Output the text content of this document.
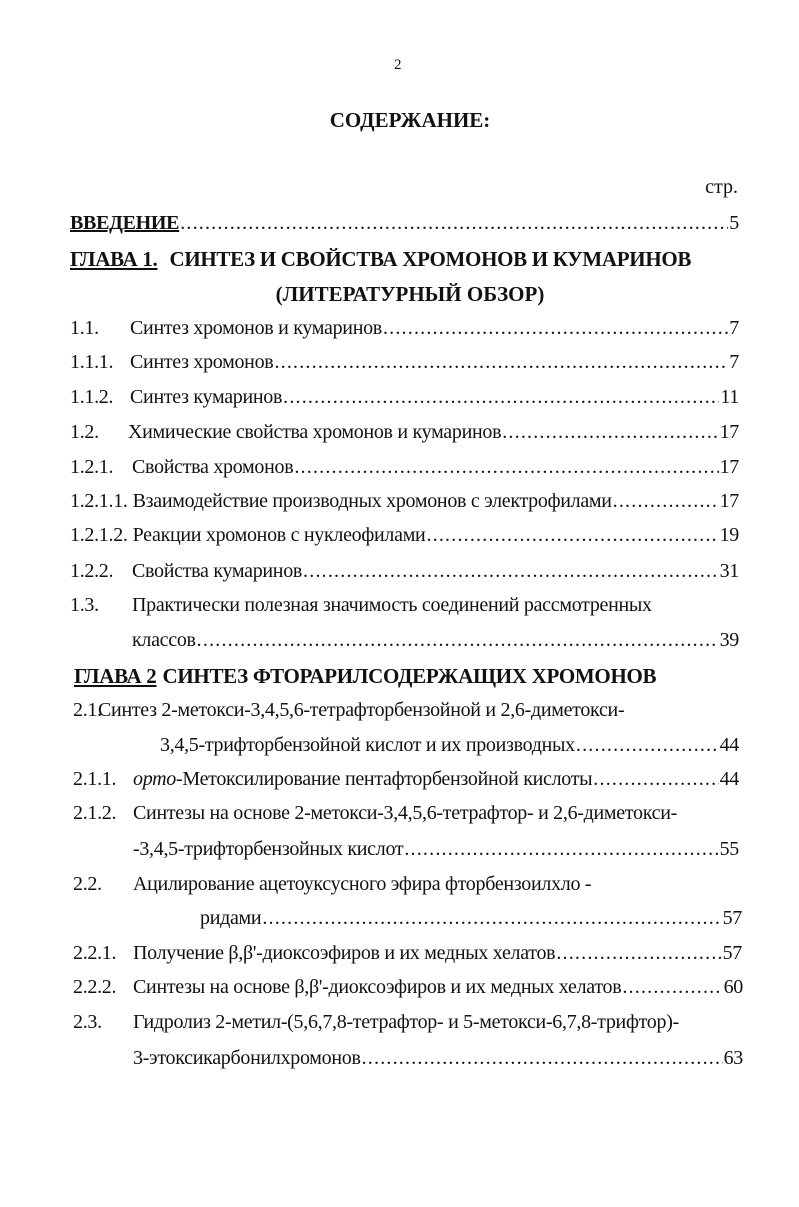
2
СОДЕРЖАНИЕ:
стр.
ВВЕДЕНИЕ .....	5
ГЛАВА 1. СИНТЕЗ И СВОЙСТВА ХРОМОНОВ И КУМАРИНОВ
(ЛИТЕРАТУРНЫЙ ОБЗОР)
1.1.	Синтез хромонов и кумаринов .....	7
1.1.1. Синтез хромонов .....	7
1.1.2. Синтез кумаринов .....	11
1.2.	Химические свойства хромонов и кумаринов .....	17
1.2.1. Свойства хромонов .....	17
1.2.1.1. Взаимодействие производных хромонов с электрофилами .....	17
1.2.1.2. Реакции хромонов с нуклеофилами .....	19
1.2.2. Свойства кумаринов .....	31
1.3.	Практически полезная значимость соединений рассмотренных
классов .....	39
ГЛАВА 2 СИНТЕЗ ФТОРАРИЛСОДЕРЖАЩИХ ХРОМОНОВ
2.1.
Синтез 2-метокси-3,4,5,6-тетрафторбензойной и 2,6-диметокси-
3,4,5-трифторбензойной кислот и их производных .....	44
2.1.1. орто -Метоксилирование пентафторбензойной кислоты .....	44
2.1.2. Синтезы на основе 2-метокси-3,4,5,6-тетрафтор- и 2,6-диметокси-
-3,4,5-трифторбензойных кислот .....	55
2.2.	Ацилирование ацетоуксусного эфира фторбензоилхло -
ридами .....	57
2.2.1. Получение β,β'-диоксоэфиров и их медных хелатов .....	57
2.2.2. Синтезы на основе β,β'-диоксоэфиров и их медных хелатов .....	60
2.3.	Гидролиз 2-метил-(5,6,7,8-тетрафтор- и 5-метокси-6,7,8-трифтор)-
3-этоксикарбонилхромонов .....	63
